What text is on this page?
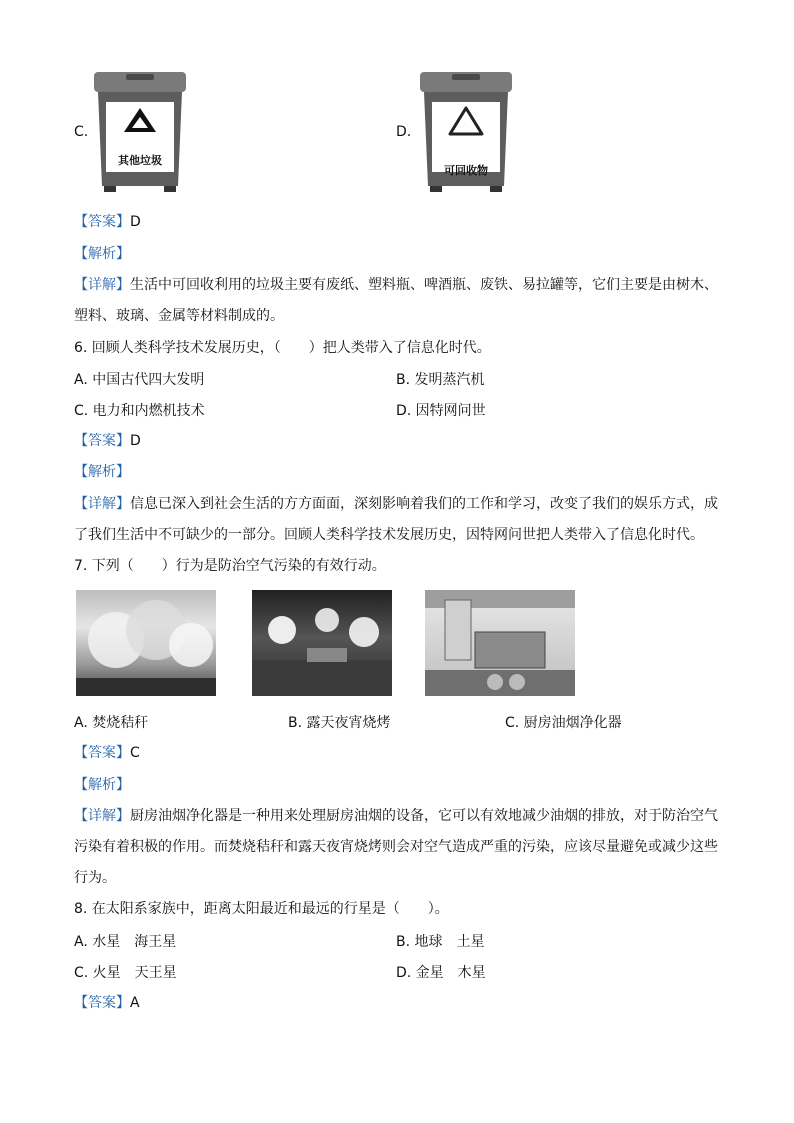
C.
其他垃圾
D.
可回收物
【答案】D
【解析】
【详解】生活中可回收利用的垃圾主要有废纸、塑料瓶、啤酒瓶、废铁、易拉罐等，它们主要是由树木、
塑料、玻璃、金属等材料制成的。
6. 回顾人类科学技术发展历史，（　　）把人类带入了信息化时代。
A. 中国古代四大发明	B. 发明蒸汽机
C. 电力和内燃机技术	D. 因特网问世
【答案】D
【解析】
【详解】信息已深入到社会生活的方方面面，深刻影响着我们的工作和学习，改变了我们的娱乐方式，成
了我们生活中不可缺少的一部分。回顾人类科学技术发展历史，因特网问世把人类带入了信息化时代。
7. 下列（　　）行为是防治空气污染的有效行动。
A. 焚烧秸秆	B. 露天夜宵烧烤	C. 厨房油烟净化器
【答案】C
【解析】
【详解】厨房油烟净化器是一种用来处理厨房油烟的设备，它可以有效地减少油烟的排放，对于防治空气
污染有着积极的作用。而焚烧秸秆和露天夜宵烧烤则会对空气造成严重的污染，应该尽量避免或减少这些
行为。
8. 在太阳系家族中，距离太阳最近和最远的行星是（　　）。
A. 水星　海王星	B. 地球　土星
C. 火星　天王星	D. 金星　木星
【答案】A
